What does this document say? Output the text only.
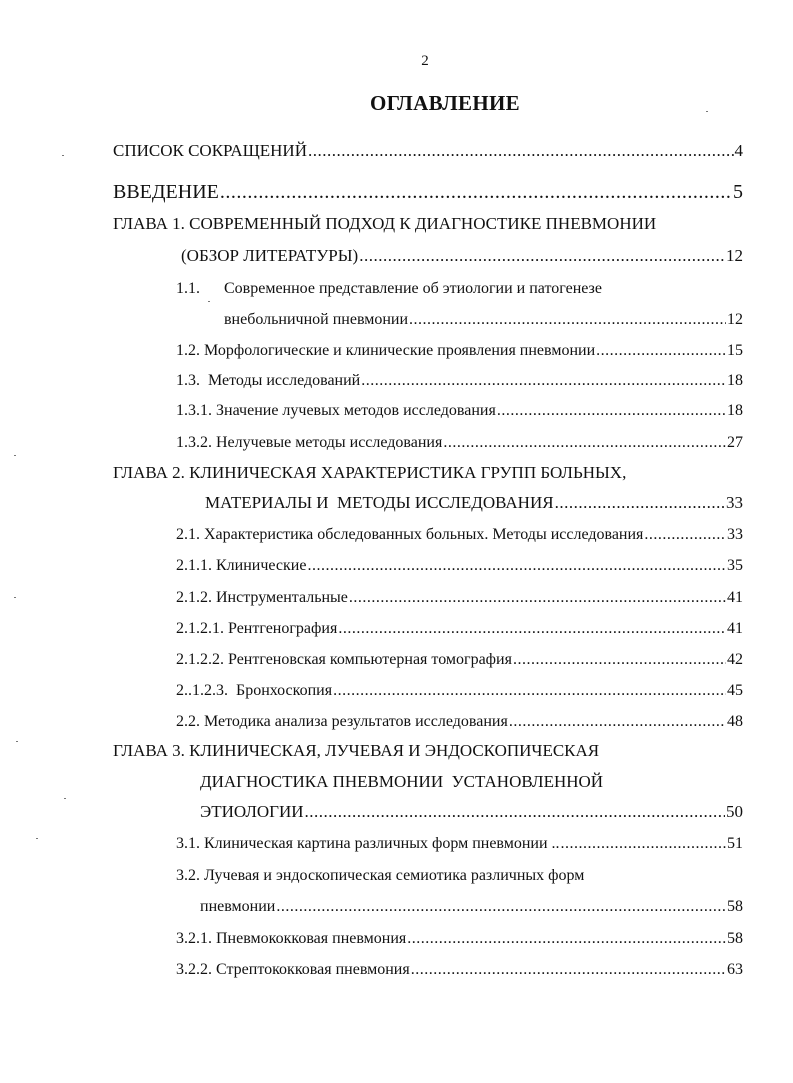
2
ОГЛАВЛЕНИЕ
СПИСОК СОКРАЩЕНИЙ .....	4
ВВЕДЕНИЕ .....	5
ГЛАВА 1. СОВРЕМЕННЫЙ ПОДХОД К ДИАГНОСТИКЕ ПНЕВМОНИИ
(ОБЗОР ЛИТЕРАТУРЫ) .....	12
1.1.	Современное представление об этиологии и патогенезе
внебольничной пневмонии .....	12
1.2. Морфологические и клинические проявления пневмонии .....	15
1.3.  Методы исследований .....	18
1.3.1. Значение лучевых методов исследования .....	18
1.3.2. Нелучевые методы исследования .....	27
ГЛАВА 2. КЛИНИЧЕСКАЯ ХАРАКТЕРИСТИКА ГРУПП БОЛЬНЫХ,
МАТЕРИАЛЫ И  МЕТОДЫ ИССЛЕДОВАНИЯ .....	33
2.1. Характеристика обследованных больных. Методы исследования .....	33
2.1.1. Клинические .....	35
2.1.2. Инструментальные .....	41
2.1.2.1. Рентгенография .....	41
2.1.2.2. Рентгеновская компьютерная томография .....	42
2..1.2.3.  Бронхоскопия .....	45
2.2. Методика анализа результатов исследования .....	48
ГЛАВА 3. КЛИНИЧЕСКАЯ, ЛУЧЕВАЯ И ЭНДОСКОПИЧЕСКАЯ
ДИАГНОСТИКА ПНЕВМОНИИ  УСТАНОВЛЕННОЙ
ЭТИОЛОГИИ .....	50
3.1. Клиническая картина различных форм пневмонии .. .....	51
3.2. Лучевая и эндоскопическая семиотика различных форм
пневмонии .....	58
3.2.1. Пневмококковая пневмония .....	58
3.2.2. Стрептококковая пневмония .....	63
